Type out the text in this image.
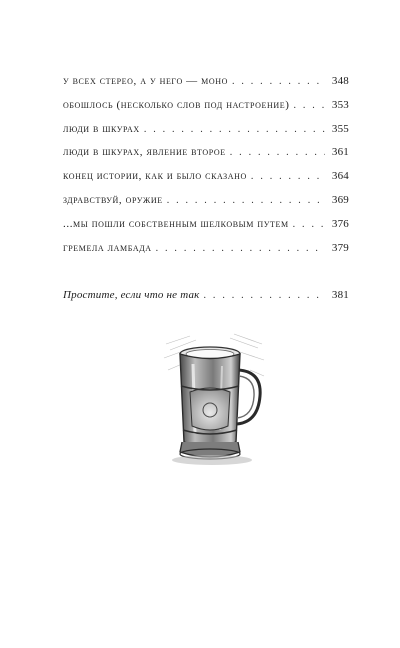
у всех стерео, а у него — моно . . .	348
обошлось (несколько слов под настроение) . . .	353
люди в шкурах . . .	355
люди в шкурах, явление второе . . .	361
конец истории, как и было сказано . . .	364
здравствуй, оружие . . .	369
...мы пошли собственным шелковым путем . . .	376
гремела ламбада . . .	379
Простите, если что не так . . .	381
